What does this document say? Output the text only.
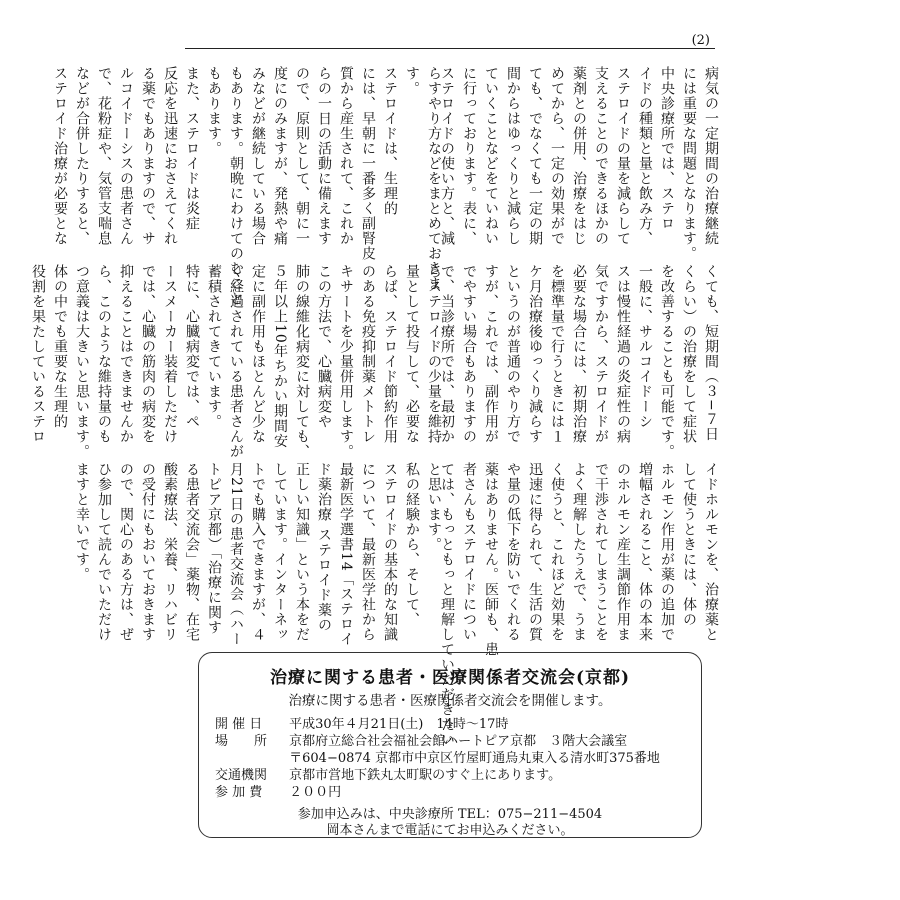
(2)
病気の一定期間の治療継続
には重要な問題となります。
中央診療所では、ステロ
イドの種類と量と飲み方、
ステロイドの量を減らして
支えることのできるほかの
薬剤との併用、治療をはじ
めてから、一定の効果がで
ても、でなくても一定の期
間からはゆっくりと減らし
ていくことなどをていねい
に行っております。表に、
ステロイドの使い方と、減
らすやり方などをまとめておきま
す。
ステロイドは、生理的
には、早朝に一番多く副腎皮
質から産生されて、これか
らの一日の活動に備えます
ので、原則として、朝に一
度にのみますが、発熱や痛
みなどが継続している場合
もあります。朝晩にわけてのむこと
もあります。
また、ステロイドは炎症
反応を迅速におさえてくれ
る薬でもありますので、サ
ルコイドーシスの患者さん
で、花粉症や、気管支喘息
などが合併したりすると、
ステロイド治療が必要とな
くても、短期間（３−７日
くらい）の治療をして症状
を改善することも可能です。
一般に、サルコイドーシ
スは慢性経過の炎症性の病
気ですから、ステロイドが
必要な場合には、初期治療
を標準量で行うときには１
ケ月治療後ゆっくり減らす
というのが普通のやり方で
すが、これでは、副作用が
でやすい場合もありますの
で、当診療所では、最初か
らステロイドの少量を維持
量として投与して、必要な
らば、ステロイド節約作用
のある免疫抑制薬メトトレ
キサートを少量併用します。
この方法で、心臓病変や
肺の線維化病変に対しても、
５年以上10年ちかい期間安
定に副作用もほとんど少な
く経過されている患者さんが
蓄積されてきています。
特に、心臓病変では、ペ
ースメーカー装着しただけ
では、心臓の筋肉の病変を
抑えることはできませんか
ら、このような維持量のも
つ意義は大きいと思います。
体の中でも重要な生理的
役割を果たしているステロ
イドホルモンを、治療薬と
して使うときには、体の
ホルモン作用が薬の追加で
増幅されること、体の本来
のホルモン産生調節作用ま
で干渉されてしまうことを
よく理解したうえで、うま
く使うと、これほど効果を
迅速に得られて、生活の質
や量の低下を防いでくれる
薬はありません。医師も、患
者さんもステロイドについ
ては、もっともっと理解していただきたい
と思います。
私の経験から、そして、
ステロイドの基本的な知識
について、最新医学社から
最新医学選書14「ステロイ
ド薬治療 ステロイド薬の
正しい知識」という本をだ
しています。インターネッ
トでも購入できますが、４
月21日の患者交流会（ハー
トピア京都）「治療に関す
る患者交流会」薬物、在宅
酸素療法、栄養、リハビリ
の受付にもおいておきます
ので、関心のある方は、ぜ
ひ参加して読んでいただけ
ますと幸いです。
治療に関する患者・医療関係者交流会(京都)
治療に関する患者・医療関係者交流会を開催します。
開 催 日 平成30年４月21日(土)　14時〜17時
場　　所 京都府立総合社会福祉会館ハートピア京都　３階大会議室
〒604−0874 京都市中京区竹屋町通烏丸東入る清水町375番地
交通機関 京都市営地下鉄丸太町駅のすぐ上にあります。
参 加 費 ２００円
参加申込みは、中央診療所 TEL：075−211−4504
岡本さんまで電話にてお申込みください。
